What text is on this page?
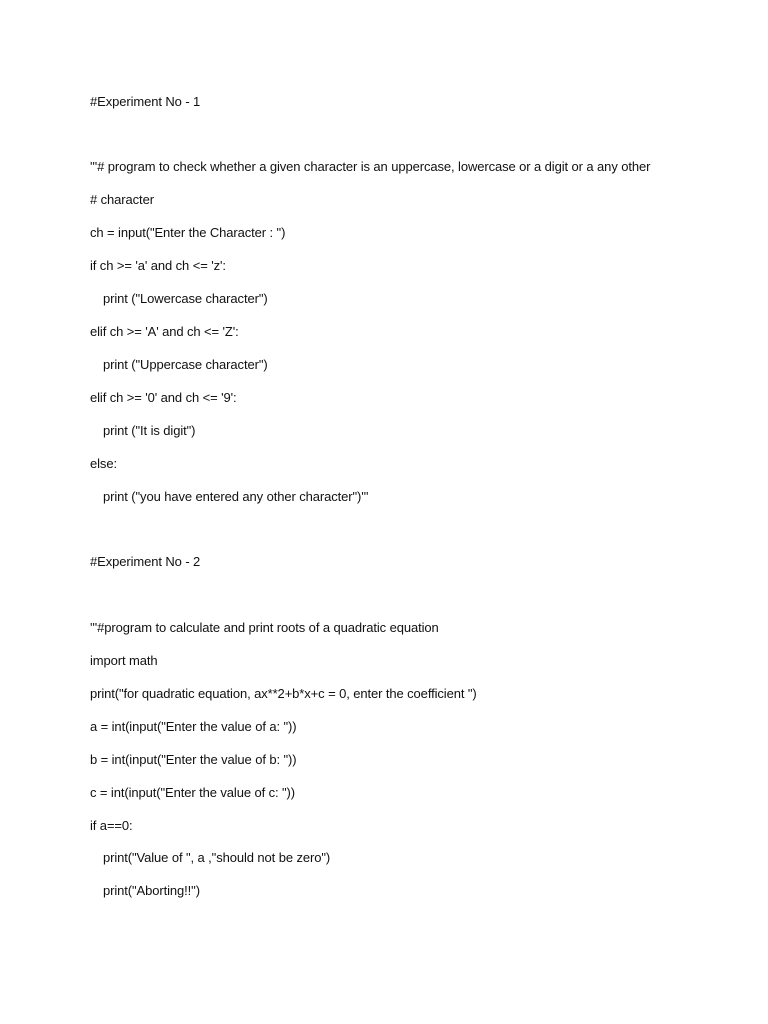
#Experiment No - 1
'''# program to check whether a given character is an uppercase, lowercase or a digit or a any other
# character
ch = input("Enter the Character : ")
if ch >= 'a' and ch <= 'z':
print ("Lowercase character")
elif ch >= 'A' and ch <= 'Z':
print ("Uppercase character")
elif ch >= '0' and ch <= '9':
print ("It is digit")
else:
print ("you have entered any other character")'''
#Experiment No - 2
'''#program to calculate and print roots of a quadratic equation
import math
print("for quadratic equation, ax**2+b*x+c = 0, enter the coefficient ")
a = int(input("Enter the value of a: "))
b = int(input("Enter the value of b: "))
c = int(input("Enter the value of c: "))
if a==0:
print("Value of ", a ,"should not be zero")
print("Aborting!!")
